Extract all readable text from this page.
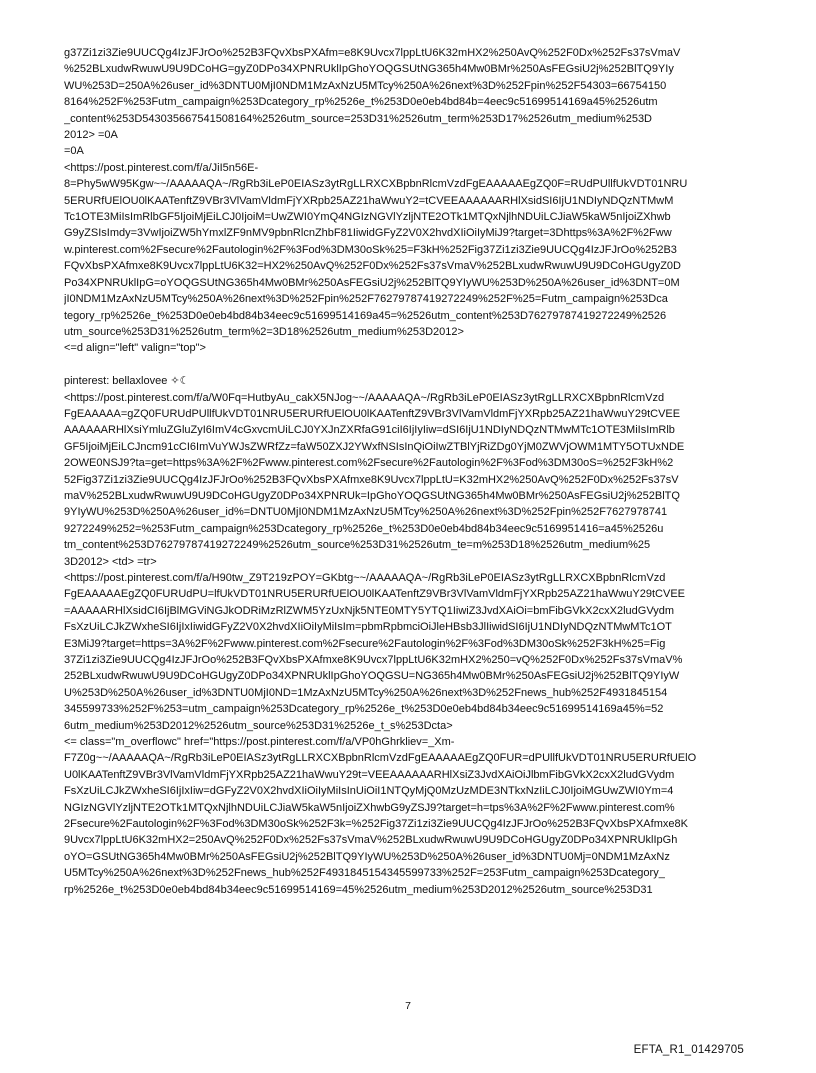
g37Zi1zi3Zie9UUCQg4IzJFJrOo%252B3FQvXbsPXAfm=e8K9Uvcx7lppLtU6K32mHX2%250AvQ%252F0Dx%252Fs37sVmaV
%252BLxudwRwuwU9U9DCoHG=gyZ0DPo34XPNRUklIpGhoYOQGSUtNG365h4Mw0BMr%250AsFEGsiU2j%252BlTQ9YIy
WU%253D=250A%26user_id%3DNTU0MjI0NDM1MzAxNzU5MTcy%250A%26next%3D%252Fpin%252F54303=66754150
8164%252F%253Futm_campaign%253Dcategory_rp%2526e_t%253D0e0eb4bd84b=4eec9c51699514169a45%2526utm
_content%253D543035667541508164%2526utm_source=253D31%2526utm_term%253D17%2526utm_medium%253D
2012> =0A
=0A
<https://post.pinterest.com/f/a/JiI5n56E-
8=Phy5wW95Kgw~~/AAAAAQA~/RgRb3iLeP0EIASz3ytRgLLRXCXBpbnRlcmVzdFgEAAAAAEgZQ0F=RUdPUllfUkVDT01NRU
5ERURfUElOU0lKAATenftZ9VBr3VlVamVldmFjYXRpb25AZ21haWwuY2=tCVEEAAAAAARHlXsidSI6IjU1NDIyNDQzNTMwM
Tc1OTE3MiIsImRlbGF5IjoiMjEiLCJ0IjoiM=UwZWI0YmQ4NGIzNGVlYzljNTE2OTk1MTQxNjlhNDUiLCJiaW5kaW5nIjoiZXhwb
G9yZSIsImdy=3VwIjoiZW5hYmxlZF9nMV9pbnRlcnZhbF81IiwidGFyZ2V0X2hvdXIiOiIyMiJ9?target=3Dhttps%3A%2F%2Fww
w.pinterest.com%2Fsecure%2Fautologin%2F%3Fod%3DM30oSk%25=F3kH%252Fig37Zi1zi3Zie9UUCQg4IzJFJrOo%252B3
FQvXbsPXAfmxe8K9Uvcx7lppLtU6K32=HX2%250AvQ%252F0Dx%252Fs37sVmaV%252BLxudwRwuwU9U9DCoHGUgyZ0D
Po34XPNRUklIpG=oYOQGSUtNG365h4Mw0BMr%250AsFEGsiU2j%252BlTQ9YIyWU%253D%250A%26user_id%3DNT=0M
jI0NDM1MzAxNzU5MTcy%250A%26next%3D%252Fpin%252F76279787419272249%252F%25=Futm_campaign%253Dca
tegory_rp%2526e_t%253D0e0eb4bd84b34eec9c51699514169a45=%2526utm_content%253D76279787419272249%2526
utm_source%253D31%2526utm_term%2=3D18%2526utm_medium%253D2012>
<=d align="left" valign="top">
pinterest: bellaxlovee ✧☾
<https://post.pinterest.com/f/a/W0Fq=HutbyAu_cakX5NJog~~/AAAAAQA~/RgRb3iLeP0EIASz3ytRgLLRXCXBpbnRlcmVzd
FgEAAAAA=gZQ0FURUdPUllfUkVDT01NRU5ERURfUElOU0lKAATenftZ9VBr3VlVamVldmFjYXRpb25AZ21haWwuY29tCVEE
AAAAAARHlXsiYmluZGluZyI6ImV4cGxvcmUiLCJ0YXJnZXRfaG91ciI6IjIyIiw=dSI6IjU1NDIyNDQzNTMwMTc1OTE3MiIsImRlb
GF5IjoiMjEiLCJncm91cCI6ImVuYWJsZWRfZz=faW50ZXJ2YWxfNSIsInQiOiIwZTBlYjRiZDg0YjM0ZWVjOWM1MTY5OTUxNDE
2OWE0NSJ9?ta=get=https%3A%2F%2Fwww.pinterest.com%2Fsecure%2Fautologin%2F%3Fod%3DM30oS=%252F3kH%2
52Fig37Zi1zi3Zie9UUCQg4IzJFJrOo%252B3FQvXbsPXAfmxe8K9Uvcx7lppLtU=K32mHX2%250AvQ%252F0Dx%252Fs37sV
maV%252BLxudwRwuwU9U9DCoHGUgyZ0DPo34XPNRUk=IpGhoYOQGSUtNG365h4Mw0BMr%250AsFEGsiU2j%252BlTQ
9YIyWU%253D%250A%26user_id%=DNTU0MjI0NDM1MzAxNzU5MTcy%250A%26next%3D%252Fpin%252F7627978741
9272249%252=%253Futm_campaign%253Dcategory_rp%2526e_t%253D0e0eb4bd84b34eec9c5169951416=a45%2526u
tm_content%253D76279787419272249%2526utm_source%253D31%2526utm_te=m%253D18%2526utm_medium%25
3D2012> <td> =tr>
<https://post.pinterest.com/f/a/H90tw_Z9T219zPOY=GKbtg~~/AAAAAQA~/RgRb3iLeP0EIASz3ytRgLLRXCXBpbnRlcmVzd
FgEAAAAAEgZQ0FURUdPU=lfUkVDT01NRU5ERURfUElOU0lKAATenftZ9VBr3VlVamVldmFjYXRpb25AZ21haWwuY29tCVEE
=AAAAARHlXsidCI6IjBlMGViNGJkODRiMzRlZWM5YzUxNjk5NTE0MTY5YTQ1IiwiZ3JvdXAiOi=bmFibGVkX2cxX2ludGVydm
FsXzUiLCJkZWxheSI6IjIxIiwidGFyZ2V0X2hvdXIiOiIyMiIsIm=pbmRpbmciOiJleHBsb3JlIiwidSI6IjU1NDIyNDQzNTMwMTc1OT
E3MiJ9?target=https=3A%2F%2Fwww.pinterest.com%2Fsecure%2Fautologin%2F%3Fod%3DM30oSk%252F3kH%25=Fig
37Zi1zi3Zie9UUCQg4IzJFJrOo%252B3FQvXbsPXAfmxe8K9Uvcx7lppLtU6K32mHX2%250=vQ%252F0Dx%252Fs37sVmaV%
252BLxudwRwuwU9U9DCoHGUgyZ0DPo34XPNRUklIpGhoYOQGSU=NG365h4Mw0BMr%250AsFEGsiU2j%252BlTQ9YIyW
U%253D%250A%26user_id%3DNTU0MjI0ND=1MzAxNzU5MTcy%250A%26next%3D%252Fnews_hub%252F4931845154
345599733%252F%253=utm_campaign%253Dcategory_rp%2526e_t%253D0e0eb4bd84b34eec9c51699514169a45%=52
6utm_medium%253D2012%2526utm_source%253D31%2526e_t_s%253Dcta>
<= class="m_overflowc" href="https://post.pinterest.com/f/a/VP0hGhrkliev=_Xm-
F7Z0g~~/AAAAAQA~/RgRb3iLeP0EIASz3ytRgLLRXCXBpbnRlcmVzdFgEAAAAAEgZQ0FUR=dPUllfUkVDT01NRU5ERURfUElO
U0lKAATenftZ9VBr3VlVamVldmFjYXRpb25AZ21haWwuY29t=VEEAAAAAARHlXsiZ3JvdXAiOiJlbmFibGVkX2cxX2ludGVydm
FsXzUiLCJkZWxheSI6IjIxIiw=dGFyZ2V0X2hvdXIiOiIyMiIsInUiOiI1NTQyMjQ0MzUzMDE3NTkxNzIiLCJ0IjoiMGUwZWI0Ym=4
NGIzNGVlYzljNTE2OTk1MTQxNjlhNDUiLCJiaW5kaW5nIjoiZXhwbG9yZSJ9?target=h=tps%3A%2F%2Fwww.pinterest.com%
2Fsecure%2Fautologin%2F%3Fod%3DM30oSk%252F3k=%252Fig37Zi1zi3Zie9UUCQg4IzJFJrOo%252B3FQvXbsPXAfmxe8K
9Uvcx7lppLtU6K32mHX2=250AvQ%252F0Dx%252Fs37sVmaV%252BLxudwRwuwU9U9DCoHGUgyZ0DPo34XPNRUklIpGh
oYO=GSUtNG365h4Mw0BMr%250AsFEGsiU2j%252BlTQ9YIyWU%253D%250A%26user_id%3DNTU0Mj=0NDM1MzAxNz
U5MTcy%250A%26next%3D%252Fnews_hub%252F4931845154345599733%252F=253Futm_campaign%253Dcategory_
rp%2526e_t%253D0e0eb4bd84b34eec9c51699514169=45%2526utm_medium%253D2012%2526utm_source%253D31
7
EFTA_R1_01429705
